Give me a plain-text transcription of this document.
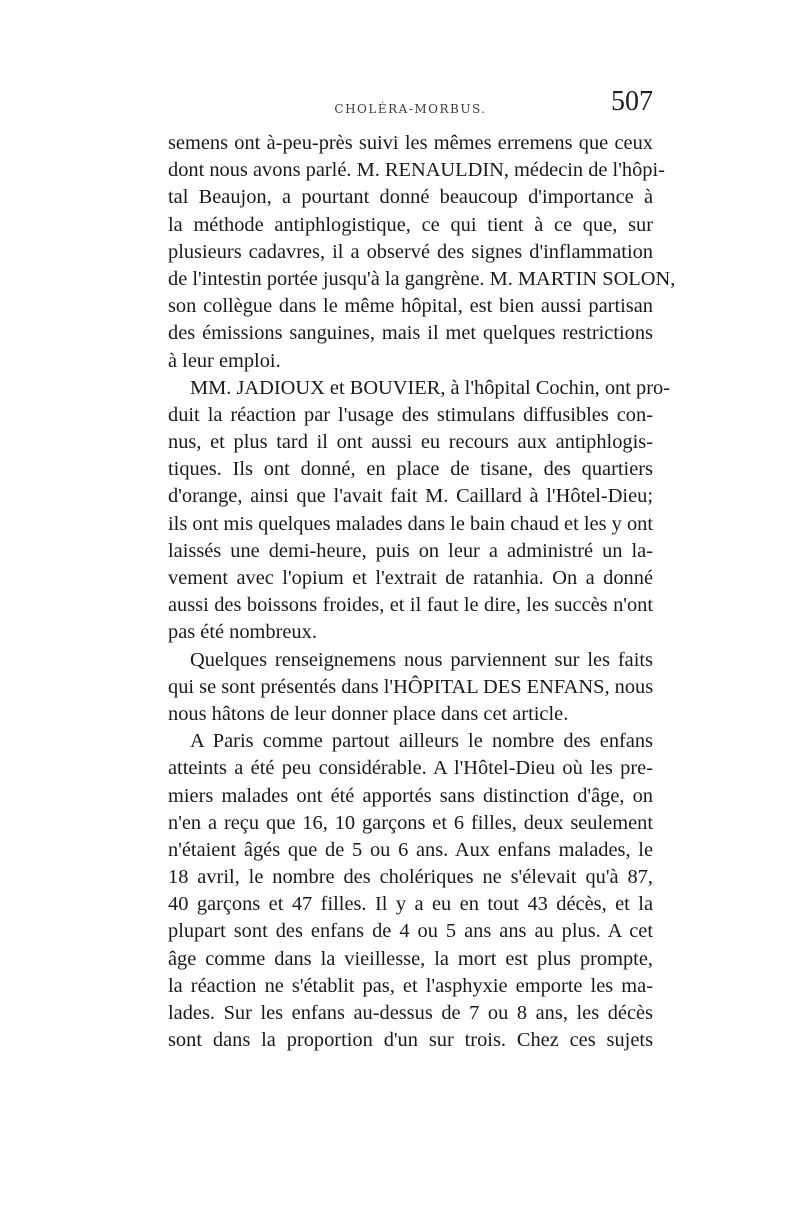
CHOLÉRA-MORBUS.	507
semens ont à-peu-près suivi les mêmes erremens que ceux
dont nous avons parlé. M. RENAULDIN, médecin de l'hôpi-
tal Beaujon, a pourtant donné beaucoup d'importance à
la méthode antiphlogistique, ce qui tient à ce que, sur
plusieurs cadavres, il a observé des signes d'inflammation
de l'intestin portée jusqu'à la gangrène. M. MARTIN SOLON,
son collègue dans le même hôpital, est bien aussi partisan
des émissions sanguines, mais il met quelques restrictions
à leur emploi.
MM. JADIOUX et BOUVIER, à l'hôpital Cochin, ont pro-
duit la réaction par l'usage des stimulans diffusibles con-
nus, et plus tard il ont aussi eu recours aux antiphlogis-
tiques. Ils ont donné, en place de tisane, des quartiers
d'orange, ainsi que l'avait fait M. Caillard à l'Hôtel-Dieu;
ils ont mis quelques malades dans le bain chaud et les y ont
laissés une demi-heure, puis on leur a administré un la-
vement avec l'opium et l'extrait de ratanhia. On a donné
aussi des boissons froides, et il faut le dire, les succès n'ont
pas été nombreux.
Quelques renseignemens nous parviennent sur les faits
qui se sont présentés dans l'HÔPITAL DES ENFANS, nous
nous hâtons de leur donner place dans cet article.
A Paris comme partout ailleurs le nombre des enfans
atteints a été peu considérable. A l'Hôtel-Dieu où les pre-
miers malades ont été apportés sans distinction d'âge, on
n'en a reçu que 16, 10 garçons et 6 filles, deux seulement
n'étaient âgés que de 5 ou 6 ans. Aux enfans malades, le
18 avril, le nombre des cholériques ne s'élevait qu'à 87,
40 garçons et 47 filles. Il y a eu en tout 43 décès, et la
plupart sont des enfans de 4 ou 5 ans ans au plus. A cet
âge comme dans la vieillesse, la mort est plus prompte,
la réaction ne s'établit pas, et l'asphyxie emporte les ma-
lades. Sur les enfans au-dessus de 7 ou 8 ans, les décès
sont dans la proportion d'un sur trois. Chez ces sujets
